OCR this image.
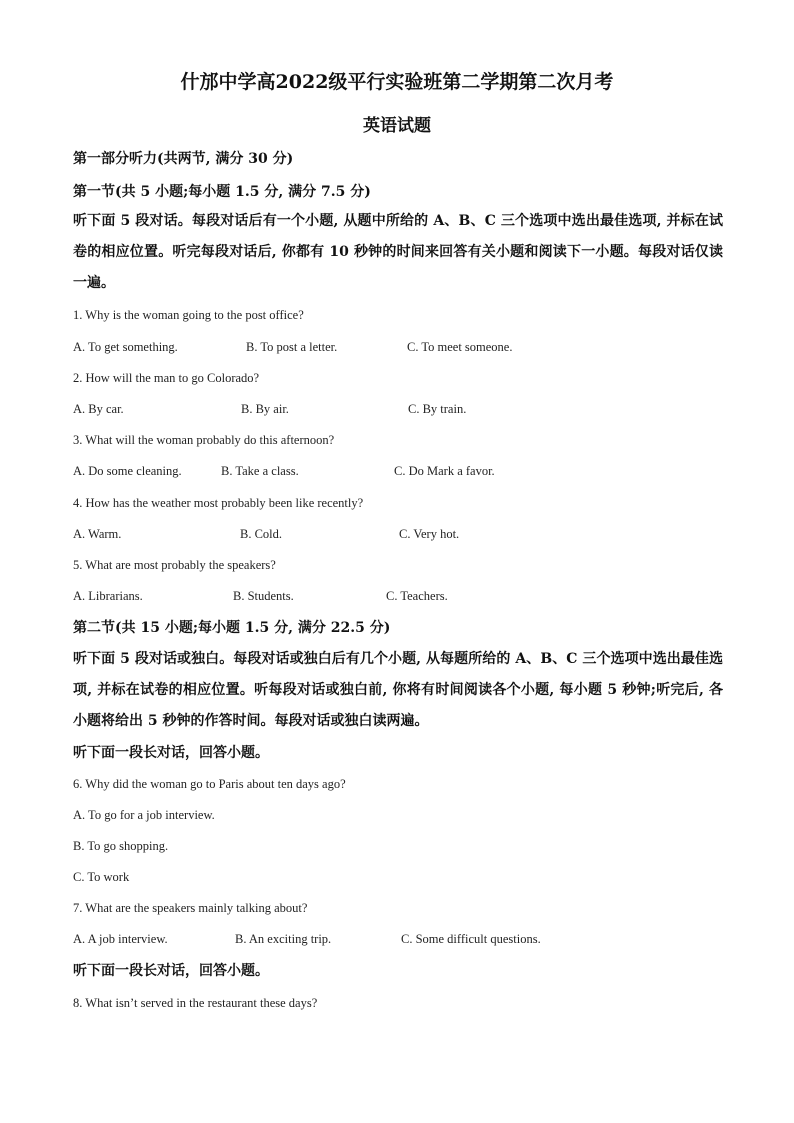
什邡中学高2022级平行实验班第二学期第二次月考
英语试题
第一部分听力(共两节, 满分 30 分)
第一节(共 5 小题;每小题 1.5 分, 满分 7.5 分)
听下面 5 段对话。每段对话后有一个小题, 从题中所给的 A、B、C 三个选项中选出最佳选项, 并标在试卷的相应位置。听完每段对话后, 你都有 10 秒钟的时间来回答有关小题和阅读下一小题。每段对话仅读一遍。
1. Why is the woman going to the post office?
A. To get something.	B. To post a letter.	C. To meet someone.
2. How will the man to go Colorado?
A. By car.	B. By air.	C. By train.
3. What will the woman probably do this afternoon?
A. Do some cleaning.	B. Take a class.	C. Do Mark a favor.
4. How has the weather most probably been like recently?
A. Warm.	B. Cold.	C. Very hot.
5. What are most probably the speakers?
A. Librarians.	B. Students.	C. Teachers.
第二节(共 15 小题;每小题 1.5 分, 满分 22.5 分)
听下面 5 段对话或独白。每段对话或独白后有几个小题, 从每题所给的 A、B、C 三个选项中选出最佳选项, 并标在试卷的相应位置。听每段对话或独白前, 你将有时间阅读各个小题, 每小题 5 秒钟;听完后, 各小题将给出 5 秒钟的作答时间。每段对话或独白读两遍。
听下面一段长对话，回答小题。
6. Why did the woman go to Paris about ten days ago?
A. To go for a job interview.
B. To go shopping.
C. To work
7. What are the speakers mainly talking about?
A. A job interview.	B. An exciting trip.	C. Some difficult questions.
听下面一段长对话，回答小题。
8. What isn’t served in the restaurant these days?
